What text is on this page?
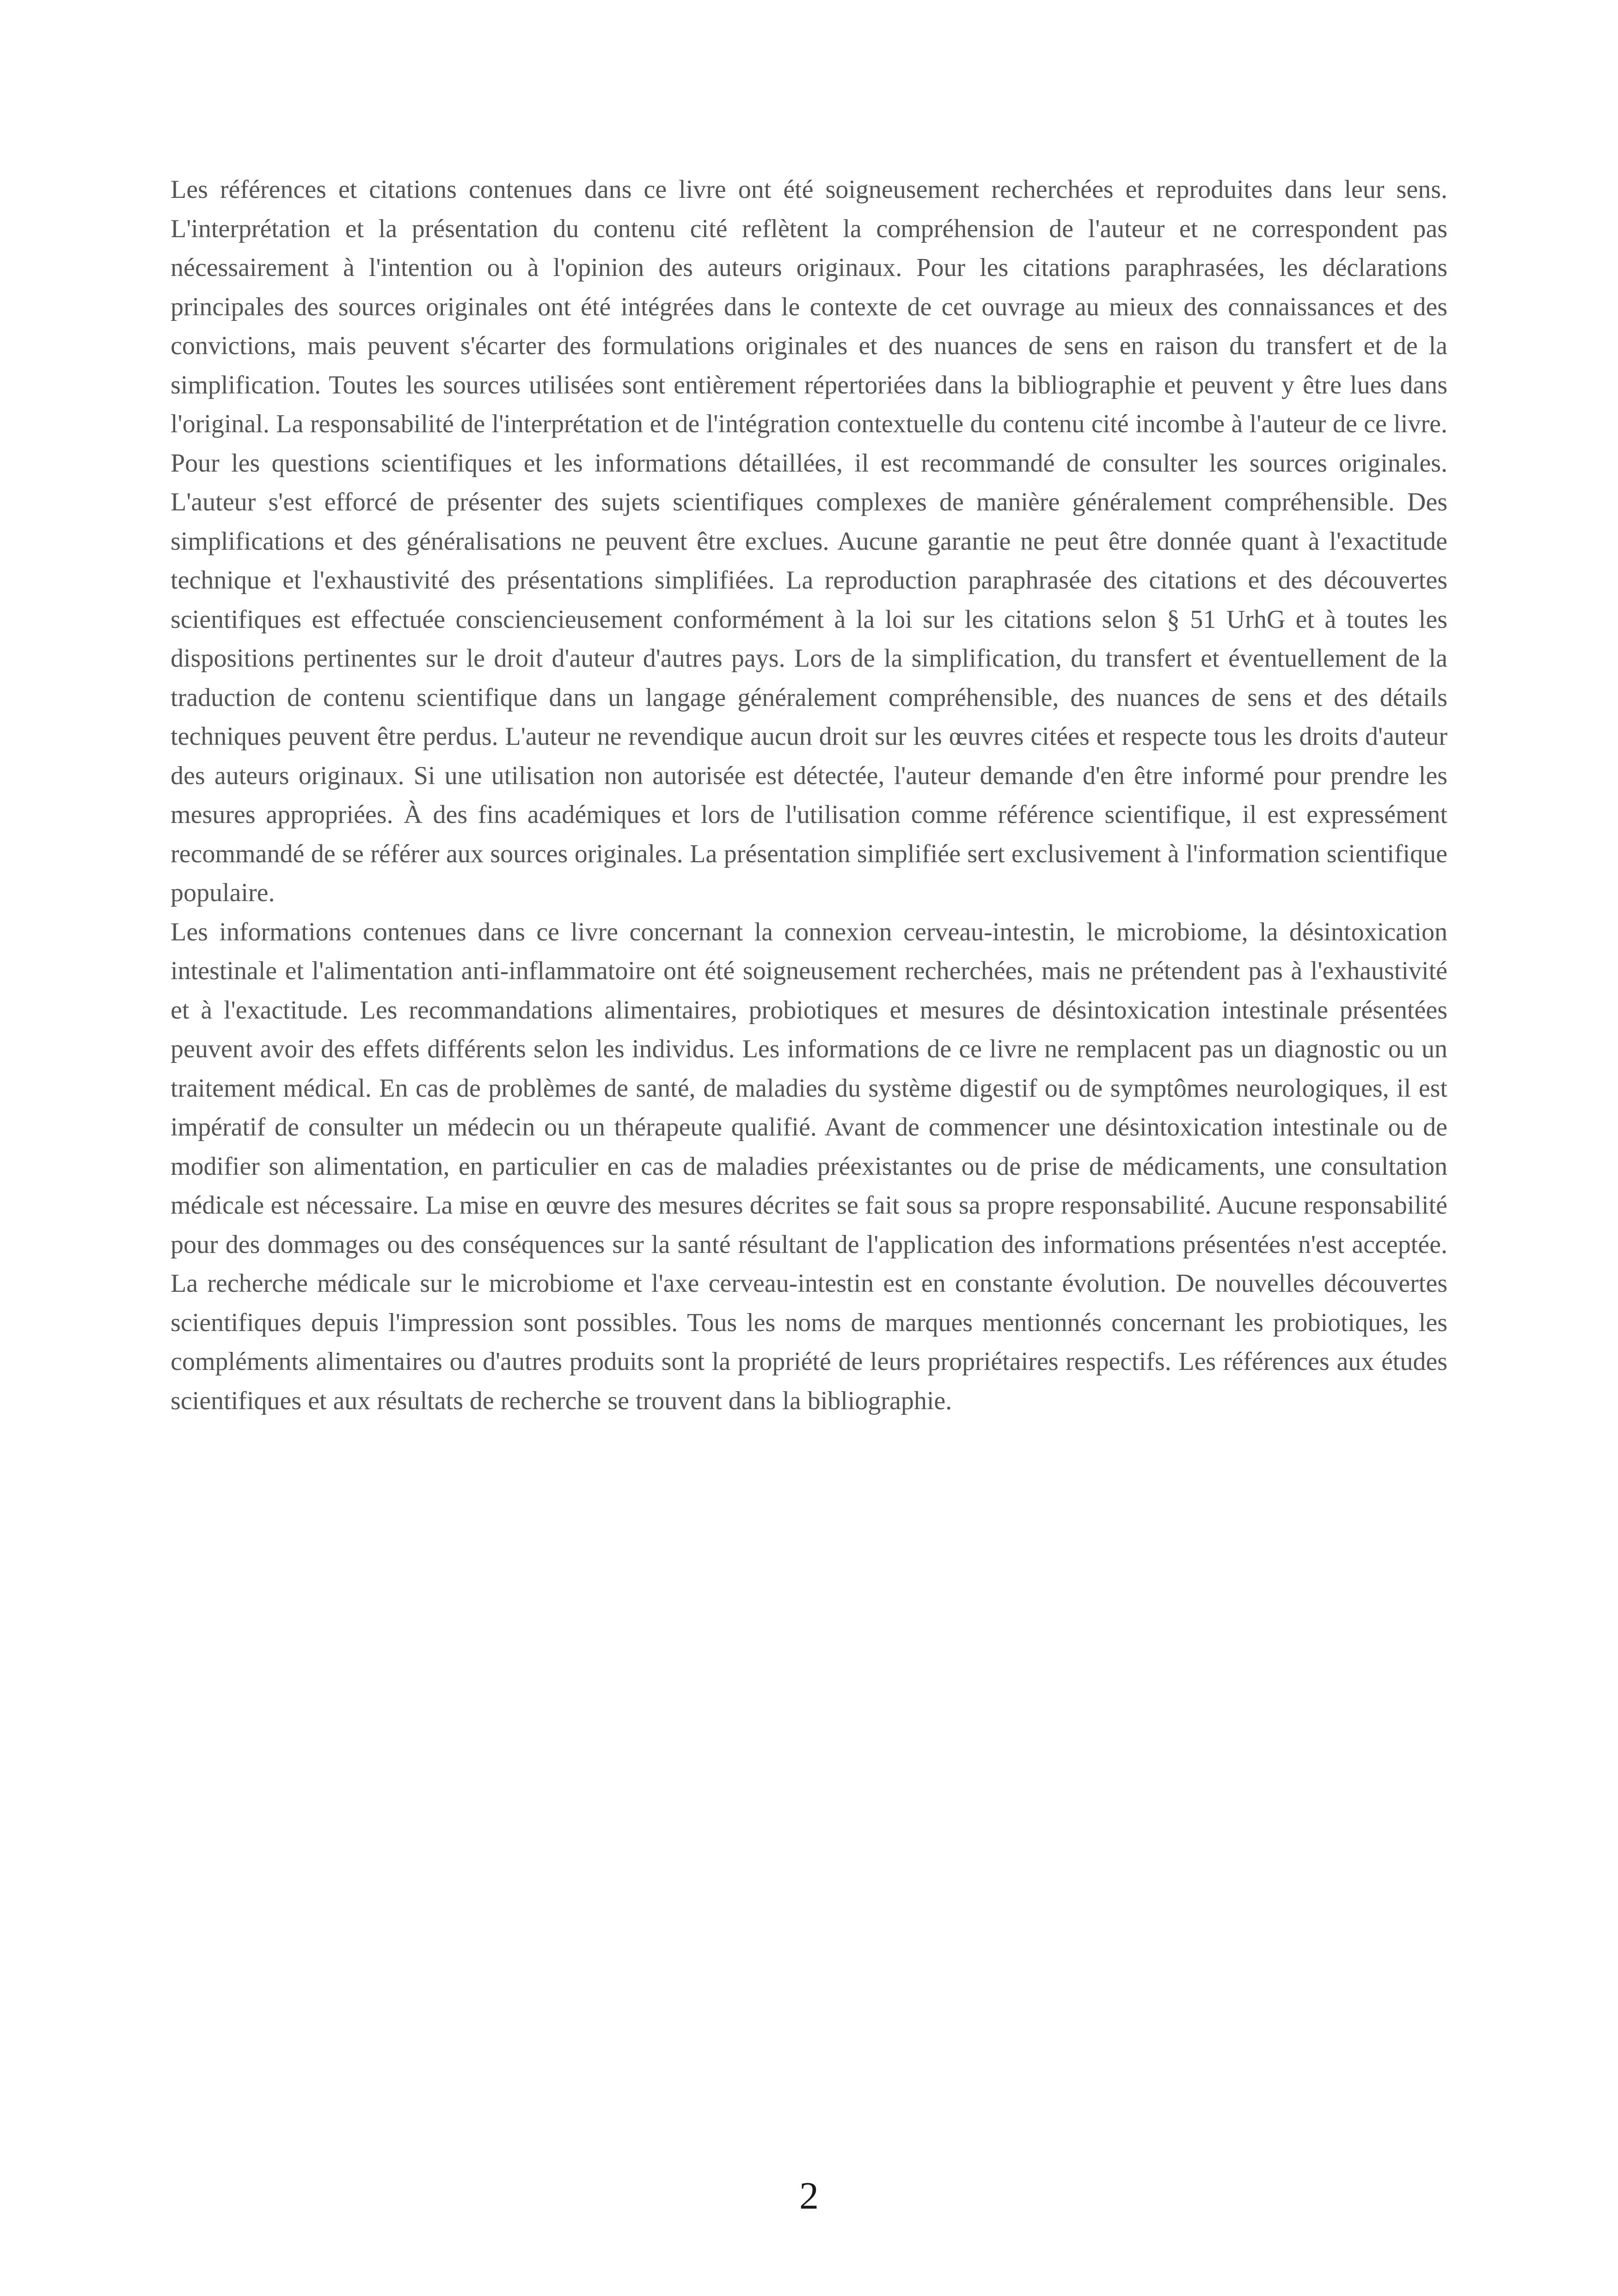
Les références et citations contenues dans ce livre ont été soigneusement recherchées et reproduites dans leur sens. L'interprétation et la présentation du contenu cité reflètent la compréhension de l'auteur et ne correspondent pas nécessairement à l'intention ou à l'opinion des auteurs originaux. Pour les citations paraphrasées, les déclarations principales des sources originales ont été intégrées dans le contexte de cet ouvrage au mieux des connaissances et des convictions, mais peuvent s'écarter des formulations originales et des nuances de sens en raison du transfert et de la simplification. Toutes les sources utilisées sont entièrement répertoriées dans la bibliographie et peuvent y être lues dans l'original. La responsabilité de l'interprétation et de l'intégration contextuelle du contenu cité incombe à l'auteur de ce livre. Pour les questions scientifiques et les informations détaillées, il est recommandé de consulter les sources originales. L'auteur s'est efforcé de présenter des sujets scientifiques complexes de manière généralement compréhensible. Des simplifications et des généralisations ne peuvent être exclues. Aucune garantie ne peut être donnée quant à l'exactitude technique et l'exhaustivité des présentations simplifiées. La reproduction paraphrasée des citations et des découvertes scientifiques est effectuée consciencieusement conformément à la loi sur les citations selon § 51 UrhG et à toutes les dispositions pertinentes sur le droit d'auteur d'autres pays. Lors de la simplification, du transfert et éventuellement de la traduction de contenu scientifique dans un langage généralement compréhensible, des nuances de sens et des détails techniques peuvent être perdus. L'auteur ne revendique aucun droit sur les œuvres citées et respecte tous les droits d'auteur des auteurs originaux. Si une utilisation non autorisée est détectée, l'auteur demande d'en être informé pour prendre les mesures appropriées. À des fins académiques et lors de l'utilisation comme référence scientifique, il est expressément recommandé de se référer aux sources originales. La présentation simplifiée sert exclusivement à l'information scientifique populaire.

Les informations contenues dans ce livre concernant la connexion cerveau-intestin, le microbiome, la désintoxication intestinale et l'alimentation anti-inflammatoire ont été soigneusement recherchées, mais ne prétendent pas à l'exhaustivité et à l'exactitude. Les recommandations alimentaires, probiotiques et mesures de désintoxication intestinale présentées peuvent avoir des effets différents selon les individus. Les informations de ce livre ne remplacent pas un diagnostic ou un traitement médical. En cas de problèmes de santé, de maladies du système digestif ou de symptômes neurologiques, il est impératif de consulter un médecin ou un thérapeute qualifié. Avant de commencer une désintoxication intestinale ou de modifier son alimentation, en particulier en cas de maladies préexistantes ou de prise de médicaments, une consultation médicale est nécessaire. La mise en œuvre des mesures décrites se fait sous sa propre responsabilité. Aucune responsabilité pour des dommages ou des conséquences sur la santé résultant de l'application des informations présentées n'est acceptée. La recherche médicale sur le microbiome et l'axe cerveau-intestin est en constante évolution. De nouvelles découvertes scientifiques depuis l'impression sont possibles. Tous les noms de marques mentionnés concernant les probiotiques, les compléments alimentaires ou d'autres produits sont la propriété de leurs propriétaires respectifs. Les références aux études scientifiques et aux résultats de recherche se trouvent dans la bibliographie.

2
